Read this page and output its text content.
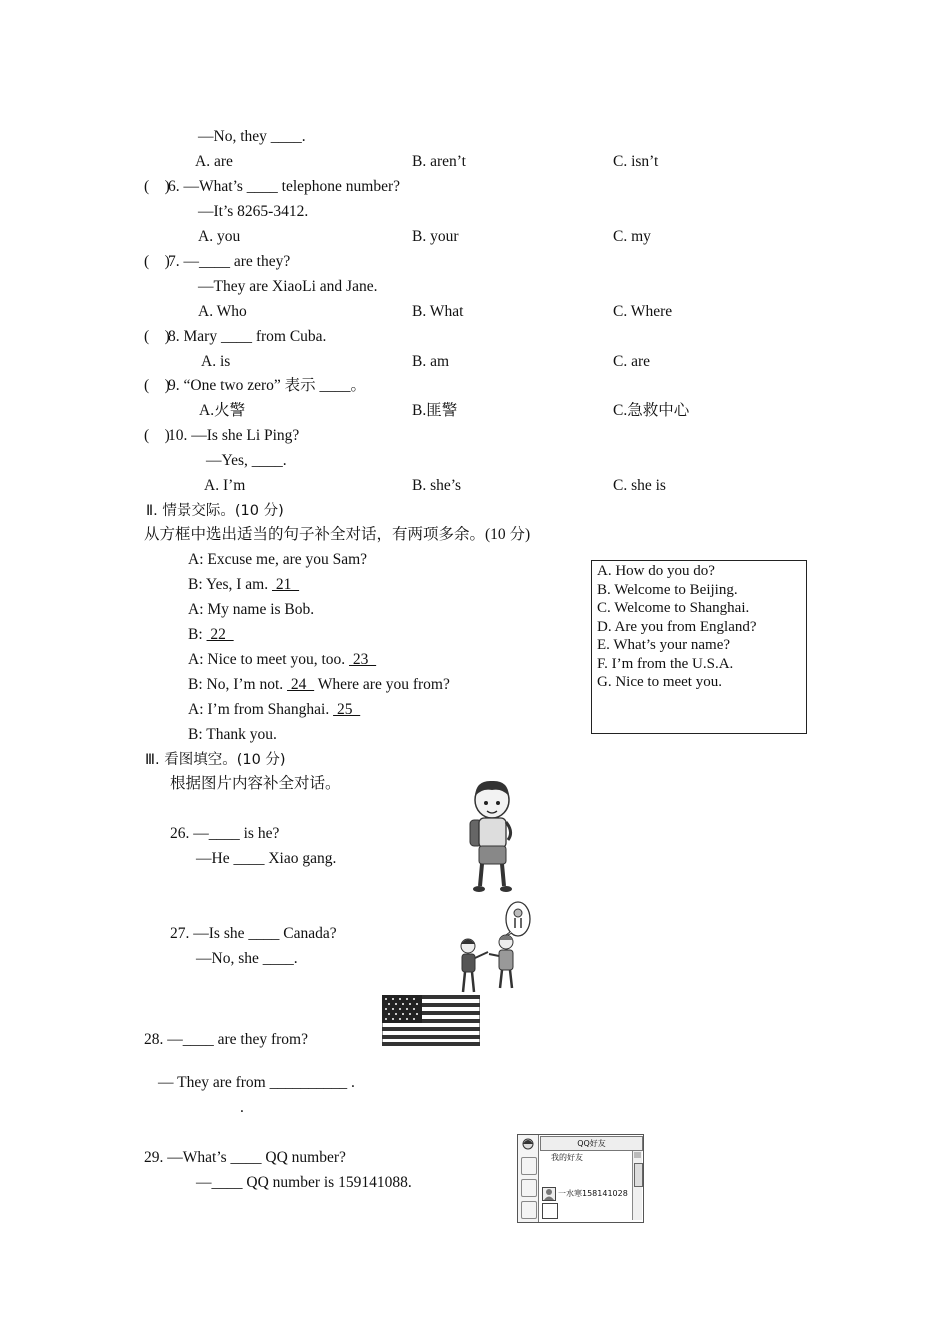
—No, they ____.
A. are	B. aren’t	C. isn’t
(    )
6. —What’s ____ telephone number?
—It’s 8265-3412.
A. you	B. your	C. my
(    )
7. —____ are they?
—They are XiaoLi and Jane.
A. Who	B. What	C. Where
(    )
8. Mary ____ from Cuba.
A. is	B. am	C. are
(    )
9. “One two zero” 表示 ____。
A.火警	B.匪警	C.急救中心
(    )
10. —Is she Li Ping?
—Yes, ____.
A. I’m	B. she’s	C. she is
Ⅱ. 情景交际。(10 分)
从方框中选出适当的句子补全对话，有两项多余。(10 分)
A: Excuse me, are you Sam?
B: Yes, I am.  21
A: My name is Bob.
B:  22
A: Nice to meet you, too.  23
B: No, I’m not.  24   Where are you from?
A: I’m from Shanghai.  25
B: Thank you.
A. How do you do?
B. Welcome to Beijing.
C. Welcome to Shanghai.
D. Are you from England?
E. What’s your name?
F. I’m from the U.S.A.
G. Nice to meet you.
Ⅲ. 看图填空。(10 分)
根据图片内容补全对话。
26. —____ is he?
—He ____ Xiao gang.
27. —Is she ____ Canada?
—No, she ____.
28. —____ are they from?
— They are from __________ .
.
29. —What’s ____ QQ number?
—____ QQ number is 159141088.
QQ好友
我的好友
一水寒158141028
